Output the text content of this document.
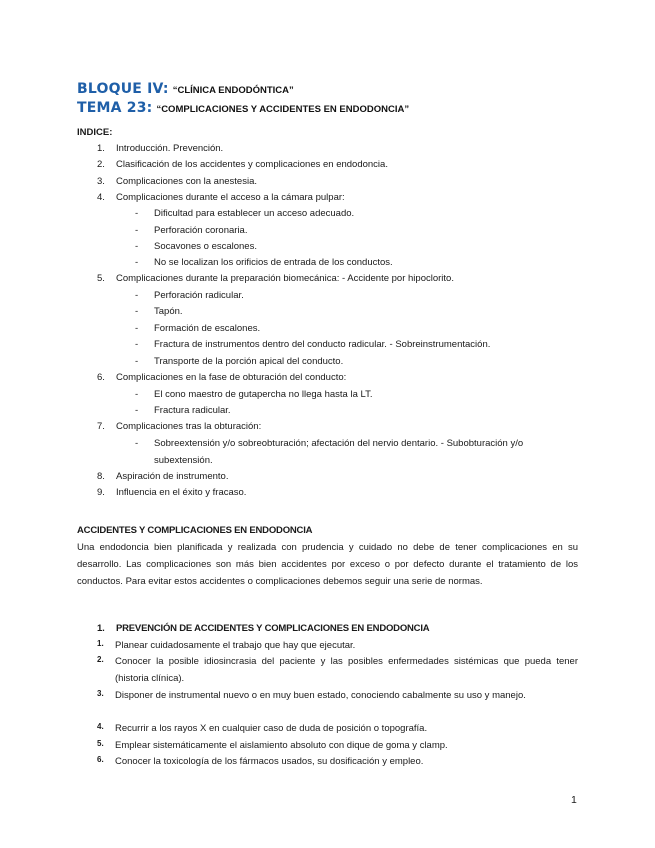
BLOQUE IV: “CLÍNICA ENDODÓNTICA”
TEMA 23: “COMPLICACIONES Y ACCIDENTES EN ENDODONCIA”
INDICE:
1. Introducción. Prevención.
2. Clasificación de los accidentes y complicaciones en endodoncia.
3. Complicaciones con la anestesia.
4. Complicaciones durante el acceso a la cámara pulpar:
- Dificultad para establecer un acceso adecuado.
- Perforación coronaria.
- Socavones o escalones.
- No se localizan los orificios de entrada de los conductos.
5. Complicaciones durante la preparación biomecánica: - Accidente por hipoclorito.
- Perforación radicular.
- Tapón.
- Formación de escalones.
- Fractura de instrumentos dentro del conducto radicular. - Sobreinstrumentación.
- Transporte de la porción apical del conducto.
6. Complicaciones en la fase de obturación del conducto:
- El cono maestro de gutapercha no llega hasta la LT.
- Fractura radicular.
7. Complicaciones tras la obturación:
- Sobreextensión y/o sobreobturación; afectación del nervio dentario. - Subobturación y/o
subextensión.
8. Aspiración de instrumento.
9. Influencia en el éxito y fracaso.
ACCIDENTES Y COMPLICACIONES EN ENDODONCIA
Una endodoncia bien planificada y realizada con prudencia y cuidado no debe de tener complicaciones en su desarrollo. Las complicaciones son más bien accidentes por exceso o por defecto durante el tratamiento de los conductos. Para evitar estos accidentes o complicaciones debemos seguir una serie de normas.
1. PREVENCIÓN DE ACCIDENTES Y COMPLICACIONES EN ENDODONCIA
1. Planear cuidadosamente el trabajo que hay que ejecutar.
2. Conocer la posible idiosincrasia del paciente y las posibles enfermedades sistémicas que pueda tener (historia clínica).
3. Disponer de instrumental nuevo o en muy buen estado, conociendo cabalmente su uso y manejo.
4. Recurrir a los rayos X en cualquier caso de duda de posición o topografía.
5. Emplear sistemáticamente el aislamiento absoluto con dique de goma y clamp.
6. Conocer la toxicología de los fármacos usados, su dosificación y empleo.
1
